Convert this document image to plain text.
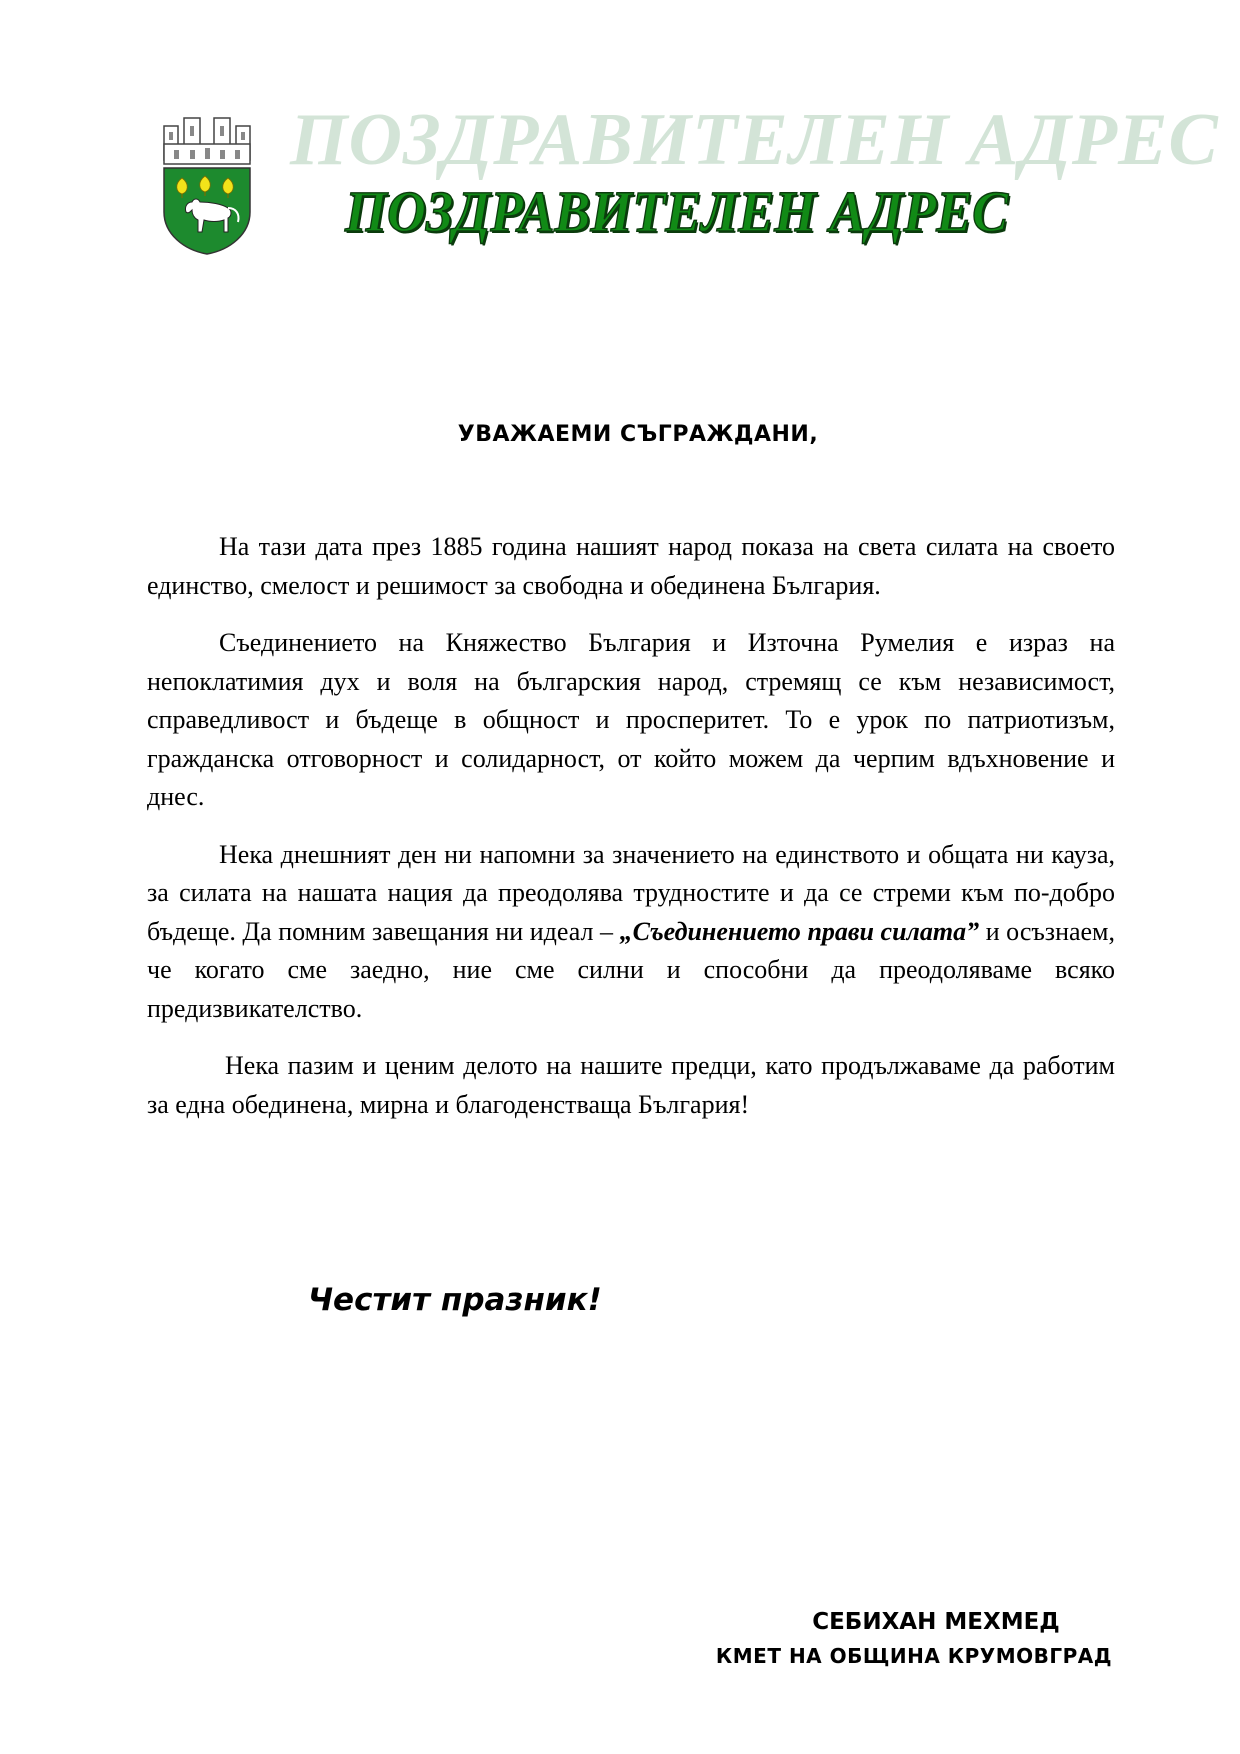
ПОЗДРАВИТЕЛЕН АДРЕС
ПОЗДРАВИТЕЛЕН АДРЕС
УВАЖАЕМИ СЪГРАЖДАНИ,

На тази дата през 1885 година нашият народ показа на света силата на своето единство, смелост и решимост за свободна и обединена България.

Съединението на Княжество България и Източна Румелия е израз на непоклатимия дух и воля на българския народ, стремящ се към независимост, справедливост и бъдеще в общност и просперитет. То е урок по патриотизъм, гражданска отговорност и солидарност, от който можем да черпим вдъхновение и днес.

Нека днешният ден ни напомни за значението на единството и общата ни кауза, за силата на нашата нация да преодолява трудностите и да се стреми към по-добро бъдеще. Да помним завещания ни идеал – „Съединението прави силата” и осъзнаем, че когато сме заедно, ние сме силни и способни да преодоляваме всяко предизвикателство.

Нека пазим и ценим делото на нашите предци, като продължаваме да работим за една обединена, мирна и благоденстваща България!

Честит празник!
СЕБИХАН МЕХМЕД
КМЕТ НА ОБЩИНА КРУМОВГРАД
